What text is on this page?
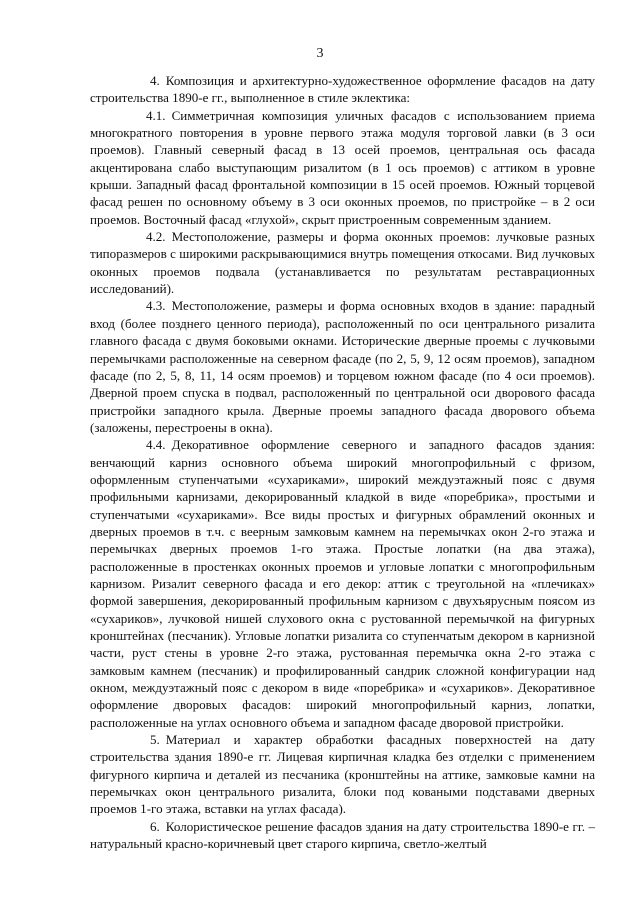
3

4. Композиция и архитектурно-художественное оформление фасадов на дату строительства 1890-е гг., выполненное в стиле эклектика:

4.1. Симметричная композиция уличных фасадов с использованием приема многократного повторения в уровне первого этажа модуля торговой лавки (в 3 оси проемов). Главный северный фасад в 13 осей проемов, центральная ось фасада акцентирована слабо выступающим ризалитом (в 1 ось проемов) с аттиком в уровне крыши. Западный фасад фронтальной композиции в 15 осей проемов. Южный торцевой фасад решен по основному объему в 3 оси оконных проемов, по пристройке – в 2 оси проемов. Восточный фасад «глухой», скрыт пристроенным современным зданием.

4.2. Местоположение, размеры и форма оконных проемов: лучковые разных типоразмеров с широкими раскрывающимися внутрь помещения откосами. Вид лучковых оконных проемов подвала (устанавливается по результатам реставрационных исследований).

4.3. Местоположение, размеры и форма основных входов в здание: парадный вход (более позднего ценного периода), расположенный по оси центрального ризалита главного фасада с двумя боковыми окнами. Исторические дверные проемы с лучковыми перемычками расположенные на северном фасаде (по 2, 5, 9, 12 осям проемов), западном фасаде (по 2, 5, 8, 11, 14 осям проемов) и торцевом южном фасаде (по 4 оси проемов). Дверной проем спуска в подвал, расположенный по центральной оси дворового фасада пристройки западного крыла. Дверные проемы западного фасада дворового объема (заложены, перестроены в окна).

4.4. Декоративное оформление северного и западного фасадов здания: венчающий карниз основного объема широкий многопрофильный с фризом, оформленным ступенчатыми «сухариками», широкий междуэтажный пояс с двумя профильными карнизами, декорированный кладкой в виде «поребрика», простыми и ступенчатыми «сухариками». Все виды простых и фигурных обрамлений оконных и дверных проемов в т.ч. с веерным замковым камнем на перемычках окон 2-го этажа и перемычках дверных проемов 1-го этажа. Простые лопатки (на два этажа), расположенные в простенках оконных проемов и угловые лопатки с многопрофильным карнизом. Ризалит северного фасада и его декор: аттик с треугольной на «плечиках» формой завершения, декорированный профильным карнизом с двухъярусным поясом из «сухариков», лучковой нишей слухового окна с рустованной перемычкой на фигурных кронштейнах (песчаник). Угловые лопатки ризалита со ступенчатым декором в карнизной части, руст стены в уровне 2-го этажа, рустованная перемычка окна 2-го этажа с замковым камнем (песчаник) и профилированный сандрик сложной конфигурации над окном, междуэтажный пояс с декором в виде «поребрика» и «сухариков». Декоративное оформление дворовых фасадов: широкий многопрофильный карниз, лопатки, расположенные на углах основного объема и западном фасаде дворовой пристройки.

5. Материал и характер обработки фасадных поверхностей на дату строительства здания 1890-е гг. Лицевая кирпичная кладка без отделки с применением фигурного кирпича и деталей из песчаника (кронштейны на аттике, замковые камни на перемычках окон центрального ризалита, блоки под коваными подставами дверных проемов 1-го этажа, вставки на углах фасада).

6. Колористическое решение фасадов здания на дату строительства 1890-е гг. – натуральный красно-коричневый цвет старого кирпича, светло-желтый
